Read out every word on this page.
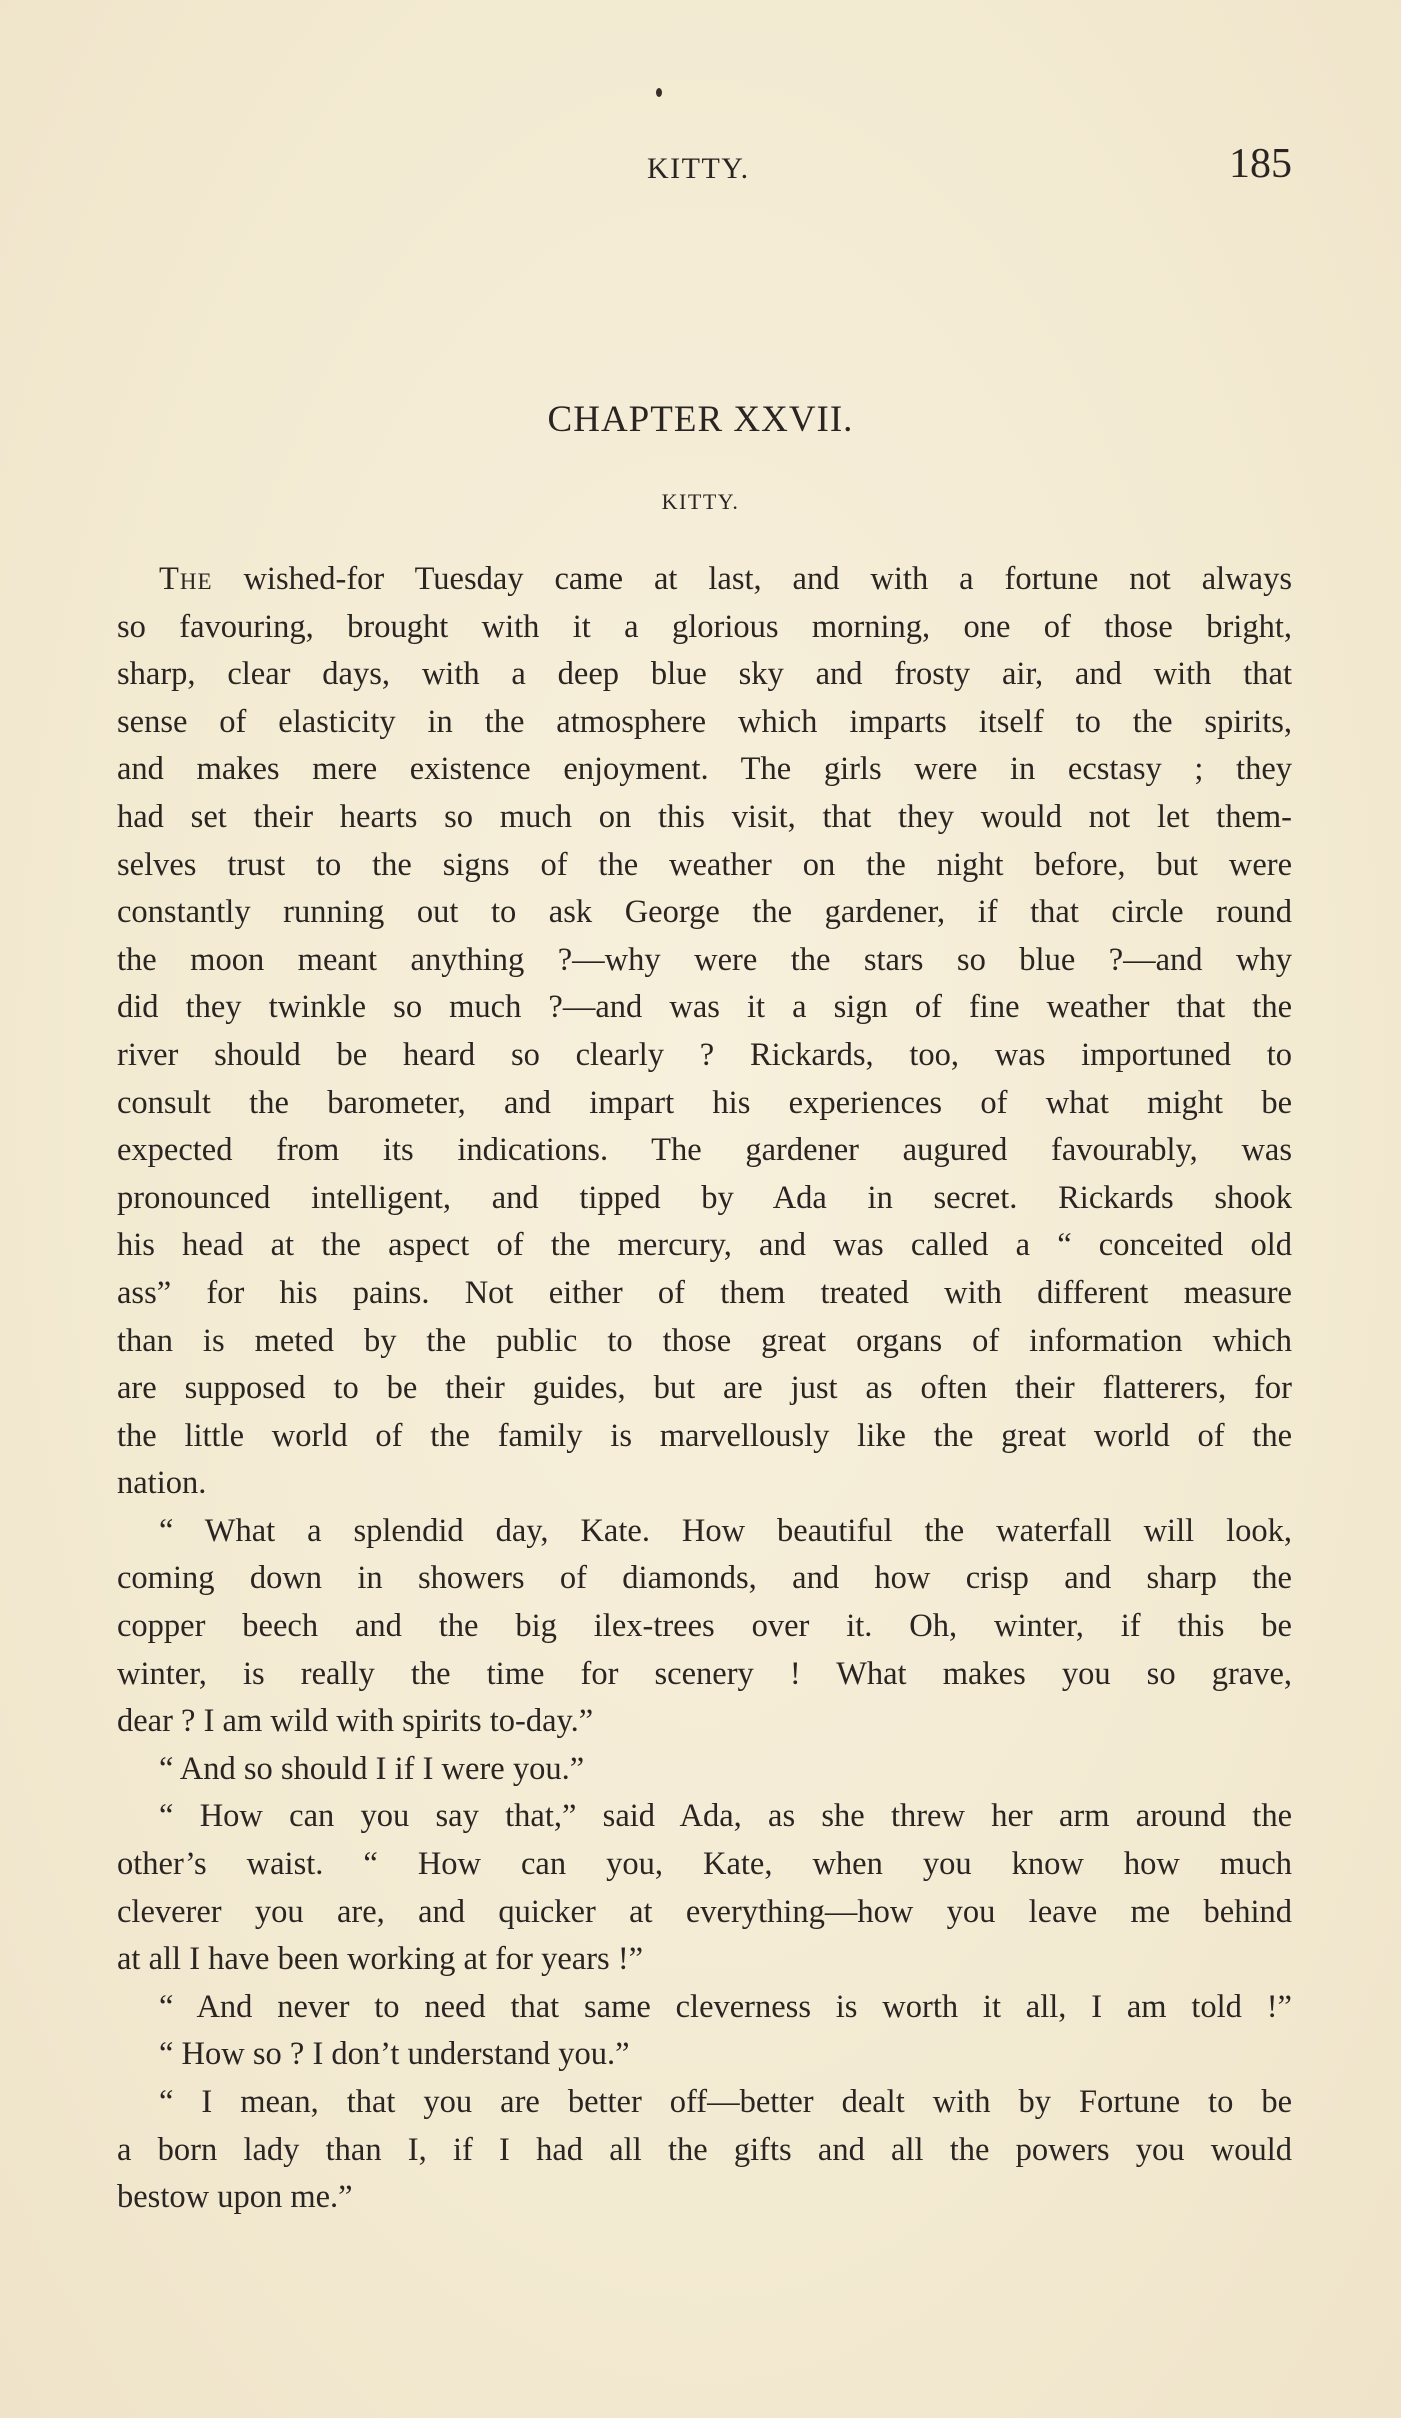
KITTY.	185
CHAPTER XXVII.
KITTY.
The wished-for Tuesday came at last, and with a fortune not always
so favouring, brought with it a glorious morning, one of those bright,
sharp, clear days, with a deep blue sky and frosty air, and with that
sense of elasticity in the atmosphere which imparts itself to the spirits,
and makes mere existence enjoyment. The girls were in ecstasy ; they
had set their hearts so much on this visit, that they would not let them-
selves trust to the signs of the weather on the night before, but were
constantly running out to ask George the gardener, if that circle round
the moon meant anything ?—why were the stars so blue ?—and why
did they twinkle so much ?—and was it a sign of fine weather that the
river should be heard so clearly ? Rickards, too, was importuned to
consult the barometer, and impart his experiences of what might be
expected from its indications. The gardener augured favourably, was
pronounced intelligent, and tipped by Ada in secret. Rickards shook
his head at the aspect of the mercury, and was called a “ conceited old
ass” for his pains. Not either of them treated with different measure
than is meted by the public to those great organs of information which
are supposed to be their guides, but are just as often their flatterers, for
the little world of the family is marvellously like the great world of the
nation.
“ What a splendid day, Kate. How beautiful the waterfall will look,
coming down in showers of diamonds, and how crisp and sharp the
copper beech and the big ilex-trees over it. Oh, winter, if this be
winter, is really the time for scenery ! What makes you so grave,
dear ? I am wild with spirits to-day.”
“ And so should I if I were you.”
“ How can you say that,” said Ada, as she threw her arm around the
other’s waist. “ How can you, Kate, when you know how much
cleverer you are, and quicker at everything—how you leave me behind
at all I have been working at for years !”
“ And never to need that same cleverness is worth it all, I am told !”
“ How so ? I don’t understand you.”
“ I mean, that you are better off—better dealt with by Fortune to be
a born lady than I, if I had all the gifts and all the powers you would
bestow upon me.”
